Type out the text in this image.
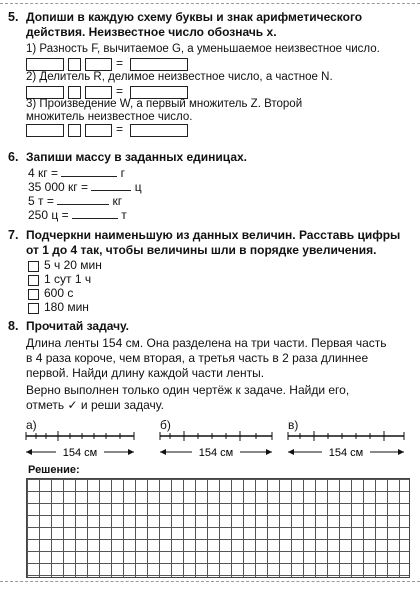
5. Допиши в каждую схему буквы и знак арифметического
действия. Неизвестное число обозначь x.
1) Разность F, вычитаемое G, а уменьшаемое неизвестное число.
=
2) Делитель R, делимое неизвестное число, а частное N.
=
3) Произведение W, а первый множитель Z. Второй
множитель неизвестное число.
=
6. Запиши массу в заданных единицах.
4 кг =	г
35 000 кг =	ц
5 т =	кг
250 ц =	т
7. Подчеркни наименьшую из данных величин. Расставь цифры
от 1 до 4 так, чтобы величины шли в порядке увеличения.
5 ч 20 мин
1 сут 1 ч
600 с
180 мин
8. Прочитай задачу.
Длина ленты 154 см. Она разделена на три части. Первая часть
в 4 раза короче, чем вторая, а третья часть в 2 раза длиннее
первой. Найди длину каждой части ленты.
Верно выполнен только один чертёж к задаче. Найди его,
отметь ✓ и реши задачу.
а)
154 см
б)
154 см
в)
154 см
Решение:
